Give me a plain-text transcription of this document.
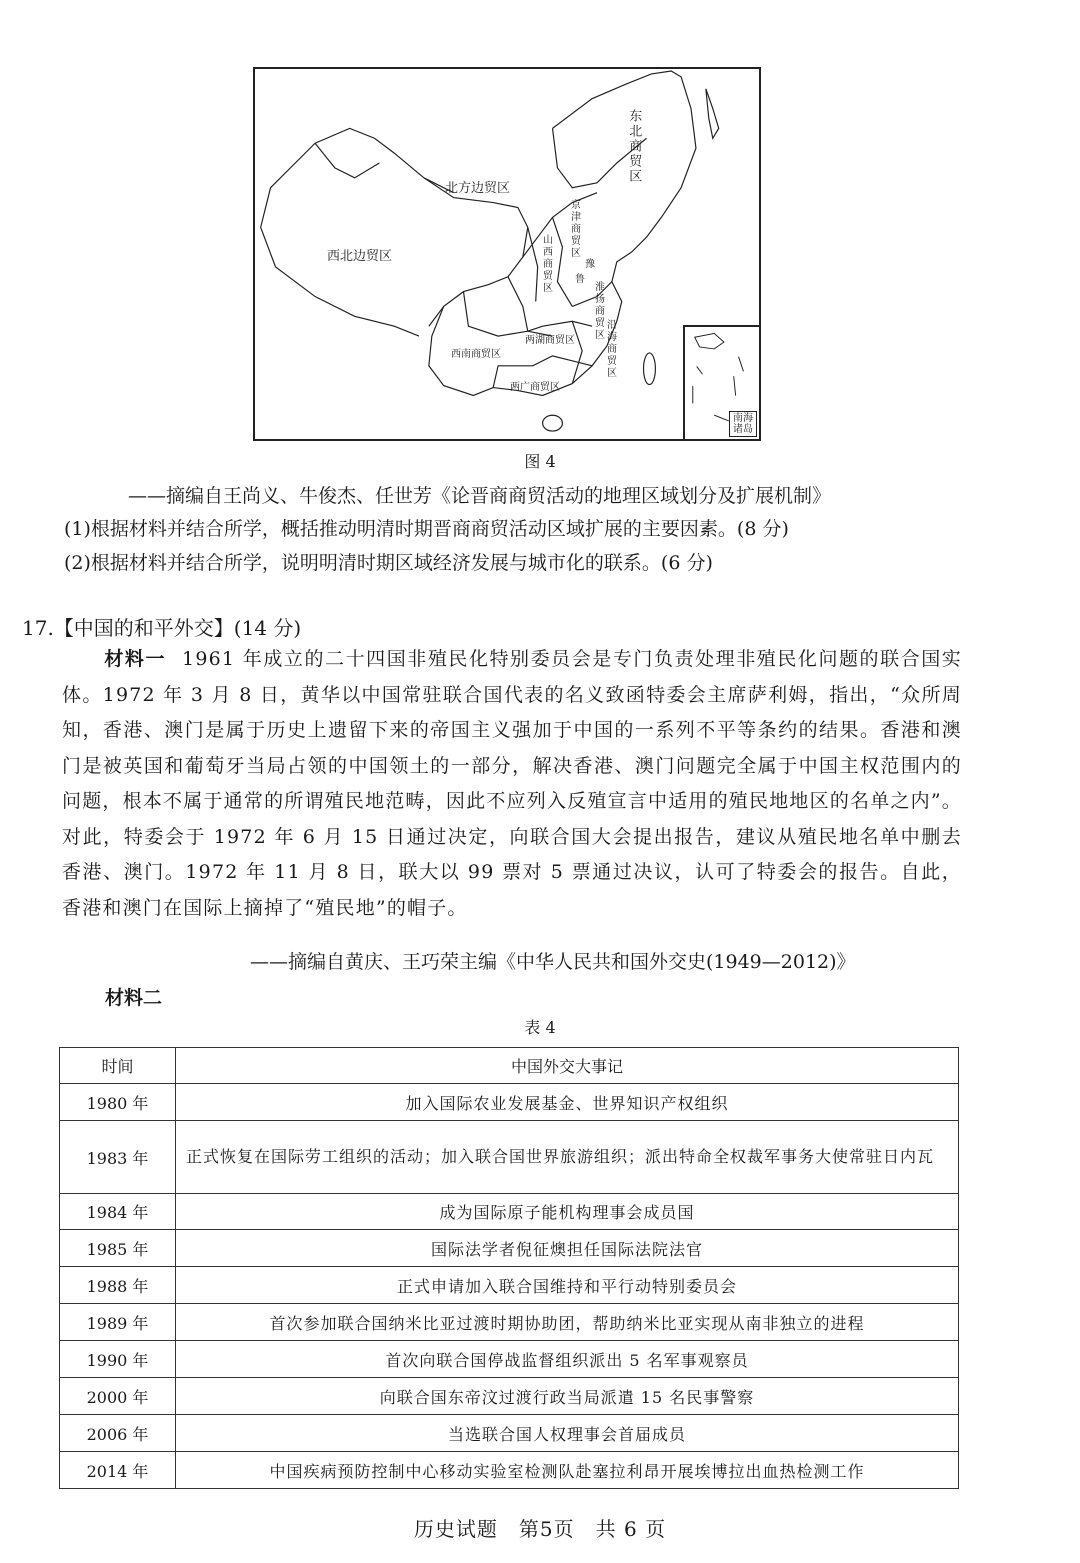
东北商贸区
北方边贸区
西北边贸区	京津商贸区
山西商贸区	豫
鲁
淮扬商贸区
沿海商贸区
两湖商贸区
西南商贸区
两广商贸区
南海诸岛
图 4
——摘编自王尚义、牛俊杰、任世芳《论晋商商贸活动的地理区域划分及扩展机制》
(1)根据材料并结合所学，概括推动明清时期晋商商贸活动区域扩展的主要因素。(8 分)
(2)根据材料并结合所学，说明明清时期区域经济发展与城市化的联系。(6 分)
17.【中国的和平外交】(14 分)
材料一 1961 年成立的二十四国非殖民化特别委员会是专门负责处理非殖民化问题的联合国实体。1972 年 3 月 8 日，黄华以中国常驻联合国代表的名义致函特委会主席萨利姆，指出，“众所周知，香港、澳门是属于历史上遗留下来的帝国主义强加于中国的一系列不平等条约的结果。香港和澳门是被英国和葡萄牙当局占领的中国领土的一部分，解决香港、澳门问题完全属于中国主权范围内的问题，根本不属于通常的所谓殖民地范畴，因此不应列入反殖宣言中适用的殖民地地区的名单之内”。对此，特委会于 1972 年 6 月 15 日通过决定，向联合国大会提出报告，建议从殖民地名单中删去香港、澳门。1972 年 11 月 8 日，联大以 99 票对 5 票通过决议，认可了特委会的报告。自此，香港和澳门在国际上摘掉了“殖民地”的帽子。
——摘编自黄庆、王巧荣主编《中华人民共和国外交史(1949—2012)》
材料二
表 4
时间	中国外交大事记
1980 年	加入国际农业发展基金、世界知识产权组织
1983 年	正式恢复在国际劳工组织的活动；加入联合国世界旅游组织；派出特命全权裁军事务大使常驻日内瓦
1984 年	成为国际原子能机构理事会成员国
1985 年	国际法学者倪征燠担任国际法院法官
1988 年	正式申请加入联合国维持和平行动特别委员会
1989 年	首次参加联合国纳米比亚过渡时期协助团，帮助纳米比亚实现从南非独立的进程
1990 年	首次向联合国停战监督组织派出 5 名军事观察员
2000 年	向联合国东帝汶过渡行政当局派遣 15 名民事警察
2006 年	当选联合国人权理事会首届成员
2014 年	中国疾病预防控制中心移动实验室检测队赴塞拉利昂开展埃博拉出血热检测工作
历史试题　第5页　共 6 页
